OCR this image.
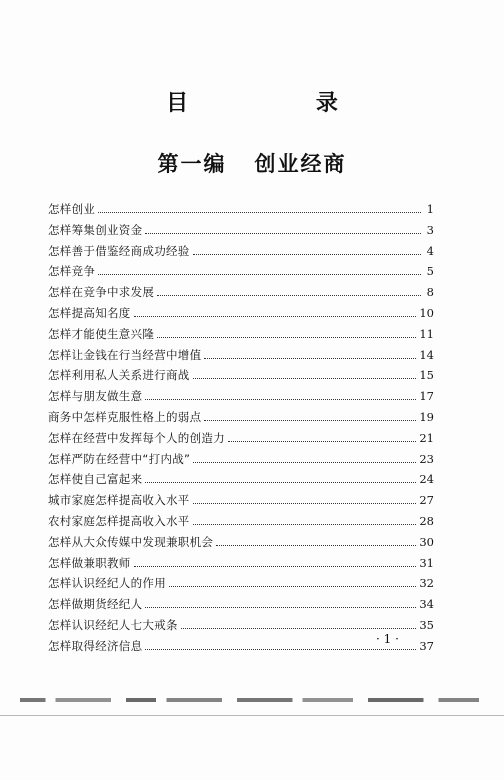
目 录
第一编 创业经商
怎样创业	1
怎样筹集创业资金	3
怎样善于借鉴经商成功经验	4
怎样竞争	5
怎样在竞争中求发展	8
怎样提高知名度	10
怎样才能使生意兴隆	11
怎样让金钱在行当经营中增值	14
怎样利用私人关系进行商战	15
怎样与朋友做生意	17
商务中怎样克服性格上的弱点	19
怎样在经营中发挥每个人的创造力	21
怎样严防在经营中“打内战”	23
怎样使自己富起来	24
城市家庭怎样提高收入水平	27
农村家庭怎样提高收入水平	28
怎样从大众传媒中发现兼职机会	30
怎样做兼职教师	31
怎样认识经纪人的作用	32
怎样做期货经纪人	34
怎样认识经纪人七大戒条	35
怎样取得经济信息	37
· 1 ·
